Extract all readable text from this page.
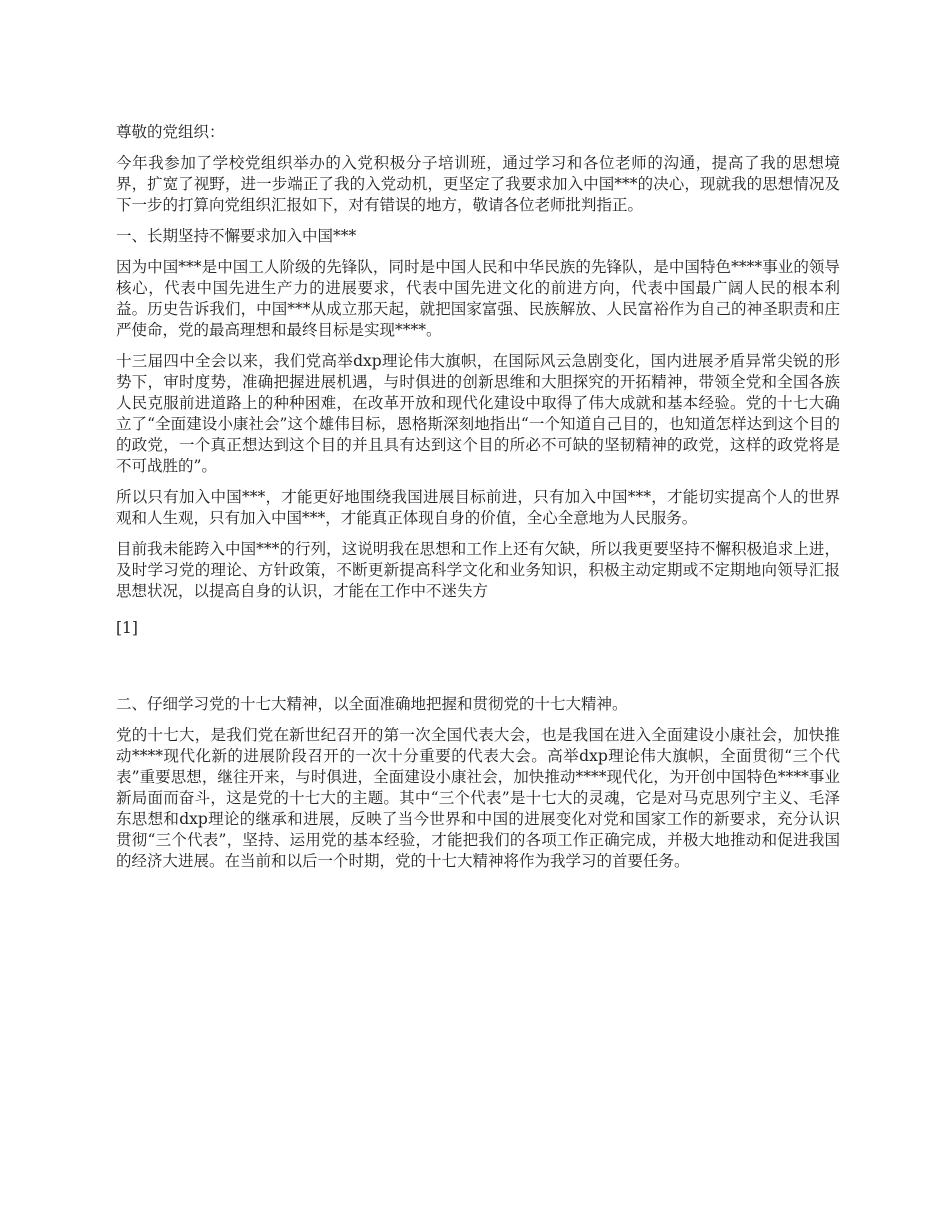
尊敬的党组织：

今年我参加了学校党组织举办的入党积极分子培训班，通过学习和各位老师的沟通，提高了我的思想境界，扩宽了视野，进一步端正了我的入党动机，更坚定了我要求加入中国***的决心，现就我的思想情况及下一步的打算向党组织汇报如下，对有错误的地方，敬请各位老师批判指正。

一、长期坚持不懈要求加入中国***

因为中国***是中国工人阶级的先锋队，同时是中国人民和中华民族的先锋队，是中国特色****事业的领导核心，代表中国先进生产力的进展要求，代表中国先进文化的前进方向，代表中国最广阔人民的根本利益。历史告诉我们，中国***从成立那天起，就把国家富强、民族解放、人民富裕作为自己的神圣职责和庄严使命，党的最高理想和最终目标是实现****。

十三届四中全会以来，我们党高举dxp理论伟大旗帜，在国际风云急剧变化，国内进展矛盾异常尖锐的形势下，审时度势，准确把握进展机遇，与时俱进的创新思维和大胆探究的开拓精神，带领全党和全国各族人民克服前进道路上的种种困难，在改革开放和现代化建设中取得了伟大成就和基本经验。党的十七大确立了“全面建设小康社会”这个雄伟目标，恩格斯深刻地指出“一个知道自己目的，也知道怎样达到这个目的的政党，一个真正想达到这个目的并且具有达到这个目的所必不可缺的坚韧精神的政党，这样的政党将是不可战胜的”。

所以只有加入中国***，才能更好地围绕我国进展目标前进，只有加入中国***，才能切实提高个人的世界观和人生观，只有加入中国***，才能真正体现自身的价值，全心全意地为人民服务。

目前我未能跨入中国***的行列，这说明我在思想和工作上还有欠缺，所以我更要坚持不懈积极追求上进，及时学习党的理论、方针政策，不断更新提高科学文化和业务知识，积极主动定期或不定期地向领导汇报思想状况，以提高自身的认识，才能在工作中不迷失方

[1]

二、仔细学习党的十七大精神，以全面准确地把握和贯彻党的十七大精神。

党的十七大，是我们党在新世纪召开的第一次全国代表大会，也是我国在进入全面建设小康社会，加快推动****现代化新的进展阶段召开的一次十分重要的代表大会。高举dxp理论伟大旗帜，全面贯彻“三个代表”重要思想，继往开来，与时俱进，全面建设小康社会，加快推动****现代化，为开创中国特色****事业新局面而奋斗，这是党的十七大的主题。其中“三个代表”是十七大的灵魂，它是对马克思列宁主义、毛泽东思想和dxp理论的继承和进展，反映了当今世界和中国的进展变化对党和国家工作的新要求，充分认识贯彻“三个代表”，坚持、运用党的基本经验，才能把我们的各项工作正确完成，并极大地推动和促进我国的经济大进展。在当前和以后一个时期，党的十七大精神将作为我学习的首要任务。
